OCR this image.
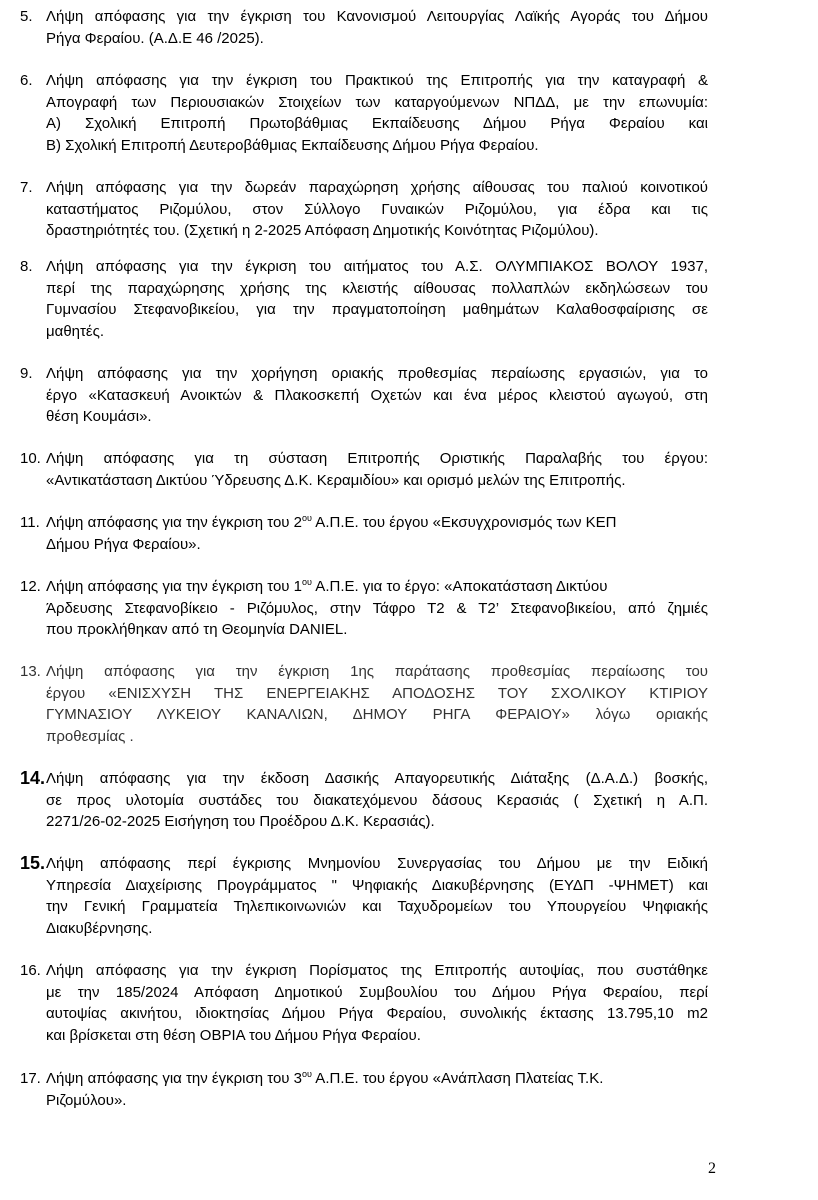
5. Λήψη απόφασης για την έγκριση του Κανονισμού Λειτουργίας Λαϊκής Αγοράς του Δήμου
Ρήγα Φεραίου. (Α.Δ.Ε 46 /2025).
6. Λήψη απόφασης για την έγκριση του Πρακτικού της Επιτροπής για την καταγραφή &
Απογραφή των Περιουσιακών Στοιχείων των καταργούμενων ΝΠΔΔ, με την επωνυμία:
Α) Σχολική Επιτροπή Πρωτοβάθμιας Εκπαίδευσης Δήμου Ρήγα Φεραίου και
Β) Σχολική Επιτροπή Δευτεροβάθμιας Εκπαίδευσης Δήμου Ρήγα Φεραίου.
7. Λήψη απόφασης για την δωρεάν παραχώρηση χρήσης αίθουσας του παλιού κοινοτικού
καταστήματος Ριζομύλου, στον Σύλλογο Γυναικών Ριζομύλου, για έδρα και τις
δραστηριότητές του. (Σχετική η 2-2025 Απόφαση Δημοτικής Κοινότητας Ριζομύλου).
8. Λήψη απόφασης για την έγκριση του αιτήματος του Α.Σ. ΟΛΥΜΠΙΑΚΟΣ ΒΟΛΟΥ 1937,
περί της παραχώρησης χρήσης της κλειστής αίθουσας πολλαπλών εκδηλώσεων του
Γυμνασίου Στεφανοβικείου, για την πραγματοποίηση μαθημάτων Καλαθοσφαίρισης σε
μαθητές.
9. Λήψη απόφασης για την χορήγηση οριακής προθεσμίας περαίωσης εργασιών, για το
έργο «Κατασκευή Ανοικτών & Πλακοσκεπή Οχετών και ένα μέρος κλειστού αγωγού, στη
θέση Κουμάσι».
10. Λήψη απόφασης για τη σύσταση Επιτροπής Οριστικής Παραλαβής του έργου:
«Αντικατάσταση Δικτύου Ύδρευσης Δ.Κ. Κεραμιδίου» και ορισμό μελών της Επιτροπής.
11. Λήψη απόφασης για την έγκριση του $2^{o\upsilon}$ Α.Π.Ε. του έργου «Εκσυγχρονισμός των ΚΕΠ
Δήμου Ρήγα Φεραίου».
12. Λήψη απόφασης για την έγκριση του $1^{o\upsilon}$ Α.Π.Ε. για το έργο: «Αποκατάσταση Δικτύου
Άρδευσης Στεφανοβίκειο - Ριζόμυλος, στην Τάφρο Τ2 & Τ2’ Στεφανοβικείου, από ζημιές
που προκλήθηκαν από τη Θεομηνία DANIEL.
13. Λήψη απόφασης για την έγκριση 1ης παράτασης προθεσμίας περαίωσης του
έργου «ΕΝΙΣΧΥΣΗ ΤΗΣ ΕΝΕΡΓΕΙΑΚΗΣ ΑΠΟΔΟΣΗΣ ΤΟΥ ΣΧΟΛΙΚΟΥ ΚΤΙΡΙΟΥ
ΓΥΜΝΑΣΙΟΥ ΛΥΚΕΙΟΥ ΚΑΝΑΛΙΩΝ, ΔΗΜΟΥ ΡΗΓΑ ΦΕΡΑΙΟΥ» λόγω οριακής
προθεσμίας .
14. Λήψη απόφασης για την έκδοση Δασικής Απαγορευτικής Διάταξης (Δ.Α.Δ.) βοσκής,
σε προς υλοτομία συστάδες του διακατεχόμενου δάσους Κερασιάς ( Σχετική η Α.Π.
2271/26-02-2025 Εισήγηση του Προέδρου Δ.Κ. Κερασιάς).
15. Λήψη απόφασης περί έγκρισης Μνημονίου Συνεργασίας του Δήμου με την Ειδική
Υπηρεσία Διαχείρισης Προγράμματος " Ψηφιακής Διακυβέρνησης (ΕΥΔΠ -ΨΗΜΕΤ) και
την Γενική Γραμματεία Τηλεπικοινωνιών και Ταχυδρομείων του Υπουργείου Ψηφιακής
Διακυβέρνησης.
16. Λήψη απόφασης για την έγκριση Πορίσματος της Επιτροπής αυτοψίας, που συστάθηκε
με την 185/2024 Απόφαση Δημοτικού Συμβουλίου του Δήμου Ρήγα Φεραίου, περί
αυτοψίας ακινήτου, ιδιοκτησίας Δήμου Ρήγα Φεραίου, συνολικής έκτασης 13.795,10 m2
και βρίσκεται στη θέση ΟΒΡΙΑ του Δήμου Ρήγα Φεραίου.
17. Λήψη απόφασης για την έγκριση του $3^{o\upsilon}$ Α.Π.Ε. του έργου «Ανάπλαση Πλατείας Τ.Κ.
Ριζομύλου».
2
